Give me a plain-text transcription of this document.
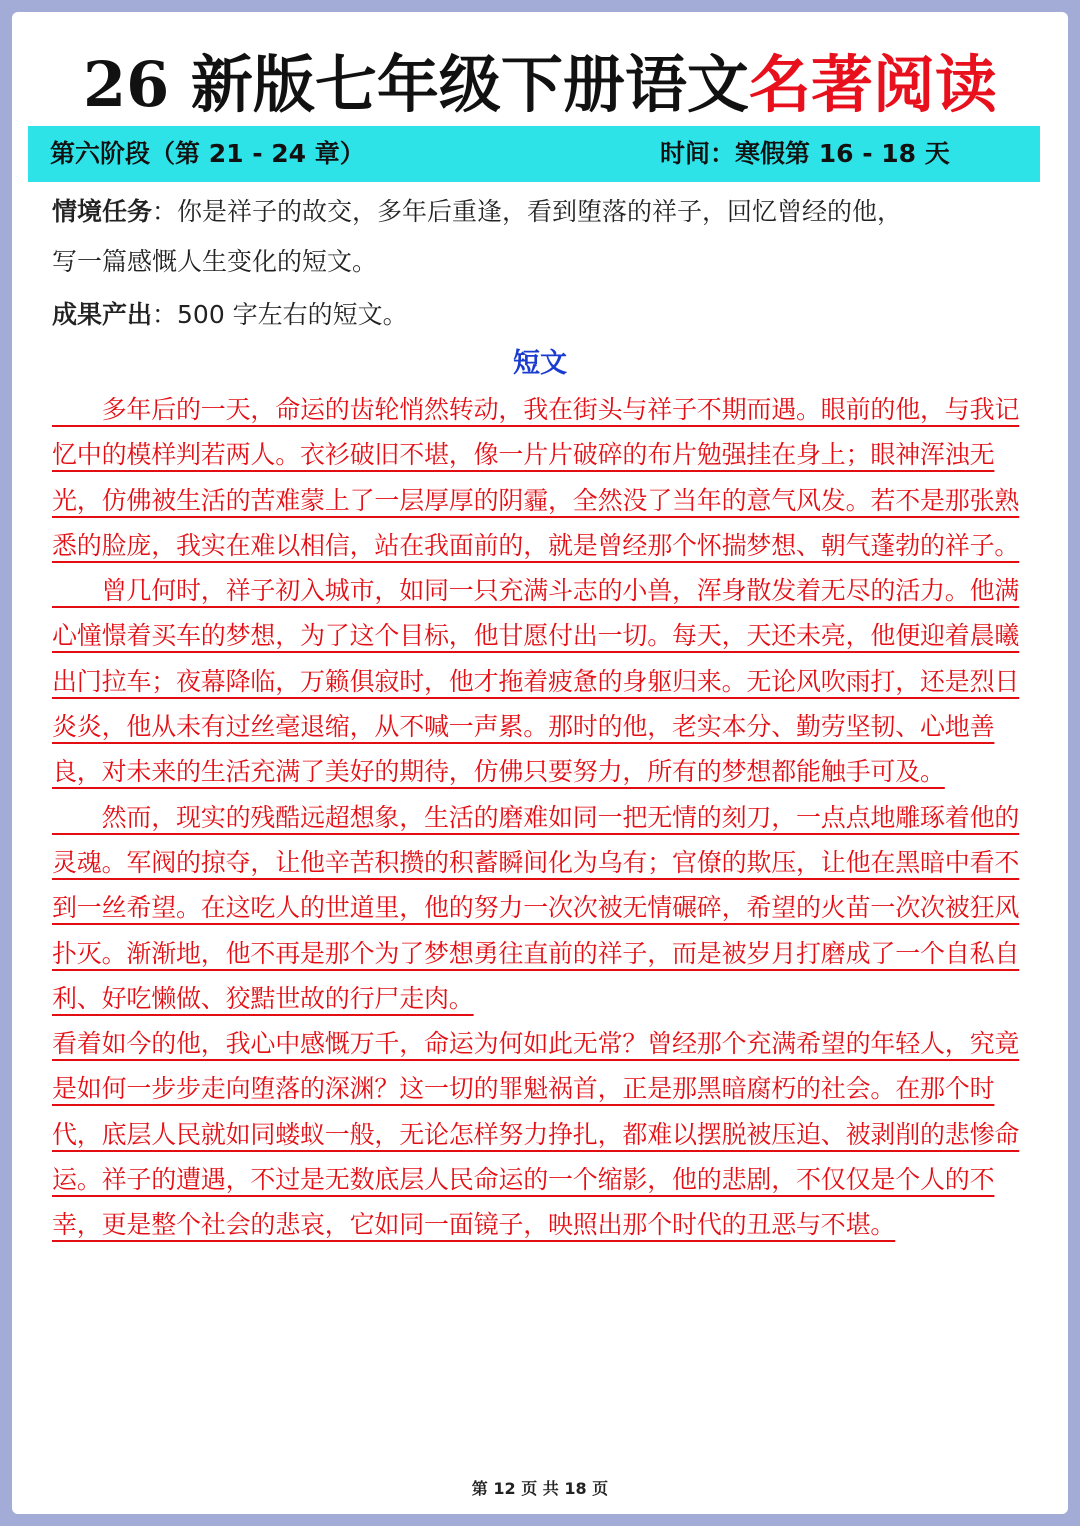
26 新版七年级下册语文名著阅读
第六阶段（第 21 - 24 章）	时间：寒假第 16 - 18 天
情境任务：你是祥子的故交，多年后重逢，看到堕落的祥子，回忆曾经的他，
写一篇感慨人生变化的短文。
成果产出：500 字左右的短文。
短文

　　多年后的一天，命运的齿轮悄然转动，我在街头与祥子不期而遇。眼前的他，与我记忆中的模样判若两人。衣衫破旧不堪，像一片片破碎的布片勉强挂在身上；眼神浑浊无光，仿佛被生活的苦难蒙上了一层厚厚的阴霾，全然没了当年的意气风发。若不是那张熟悉的脸庞，我实在难以相信，站在我面前的，就是曾经那个怀揣梦想、朝气蓬勃的祥子。

　　曾几何时，祥子初入城市，如同一只充满斗志的小兽，浑身散发着无尽的活力。他满心憧憬着买车的梦想，为了这个目标，他甘愿付出一切。每天，天还未亮，他便迎着晨曦出门拉车；夜幕降临，万籁俱寂时，他才拖着疲惫的身躯归来。无论风吹雨打，还是烈日炎炎，他从未有过丝毫退缩，从不喊一声累。那时的他，老实本分、勤劳坚韧、心地善良，对未来的生活充满了美好的期待，仿佛只要努力，所有的梦想都能触手可及。

　　然而，现实的残酷远超想象，生活的磨难如同一把无情的刻刀，一点点地雕琢着他的灵魂。军阀的掠夺，让他辛苦积攒的积蓄瞬间化为乌有；官僚的欺压，让他在黑暗中看不到一丝希望。在这吃人的世道里，他的努力一次次被无情碾碎，希望的火苗一次次被狂风扑灭。渐渐地，他不再是那个为了梦想勇往直前的祥子，而是被岁月打磨成了一个自私自利、好吃懒做、狡黠世故的行尸走肉。

看着如今的他，我心中感慨万千，命运为何如此无常？曾经那个充满希望的年轻人，究竟是如何一步步走向堕落的深渊？这一切的罪魁祸首，正是那黑暗腐朽的社会。在那个时代，底层人民就如同蝼蚁一般，无论怎样努力挣扎，都难以摆脱被压迫、被剥削的悲惨命运。祥子的遭遇，不过是无数底层人民命运的一个缩影，他的悲剧，不仅仅是个人的不幸，更是整个社会的悲哀，它如同一面镜子，映照出那个时代的丑恶与不堪。

第 12 页 共 18 页
